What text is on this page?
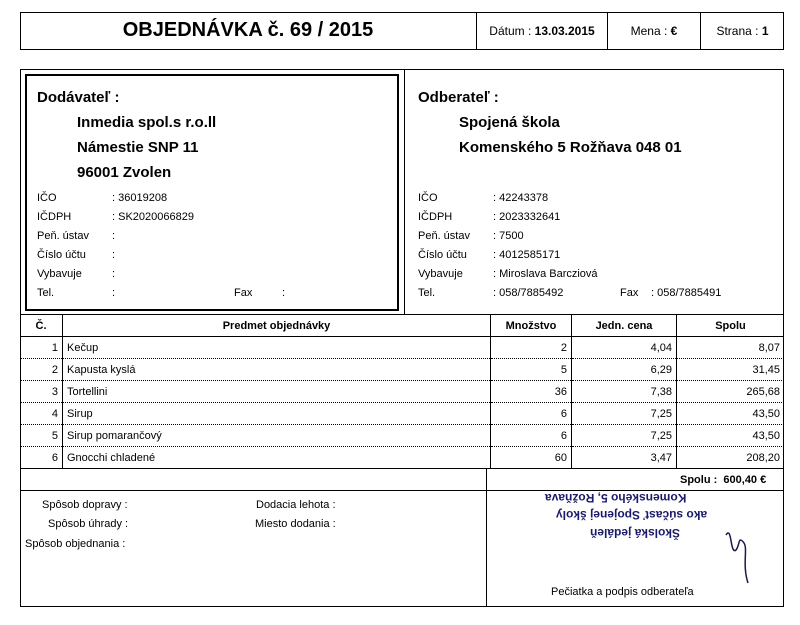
OBJEDNÁVKA č. 69 / 2015	Dátum :
13.03.2015	Mena :
€	Strana :
1
Dodávateľ :
Inmedia spol.s r.o.ll
Námestie SNP 11
96001 Zvolen
IČO	: 36019208
IČDPH	: SK2020066829
Peň. ústav :
Číslo účtu :
Vybavuje	:
Tel.	:	Fax	:
Odberateľ :
Spojená škola
Komenského 5 Rožňava 048 01
IČO	: 42243378
IČDPH	: 2023332641
Peň. ústav : 7500
Číslo účtu : 4012585171
Vybavuje	: Miroslava Barcziová
Tel.	: 058/7885492	Fax : 058/7885491
Č.	Predmet objednávky	Množstvo	Jedn. cena	Spolu
1	Kečup	2	4,04	8,07
2	Kapusta kyslá	5	6,29	31,45
3	Tortellini	36	7,38	265,68
4	Sirup	6	7,25	43,50
5	Sirup pomarančový	6	7,25	43,50
6	Gnocchi chladené	60	3,47	208,20
Spolu : 600,40 €
Spôsob dopravy :
Spôsob úhrady :
Spôsob objednania :
Dodacia lehota :
Miesto dodania :
Školská jedáleň
ako súčasť Spojenej školy
Komenského 5, Rožňava
Pečiatka a podpis odberateľa
